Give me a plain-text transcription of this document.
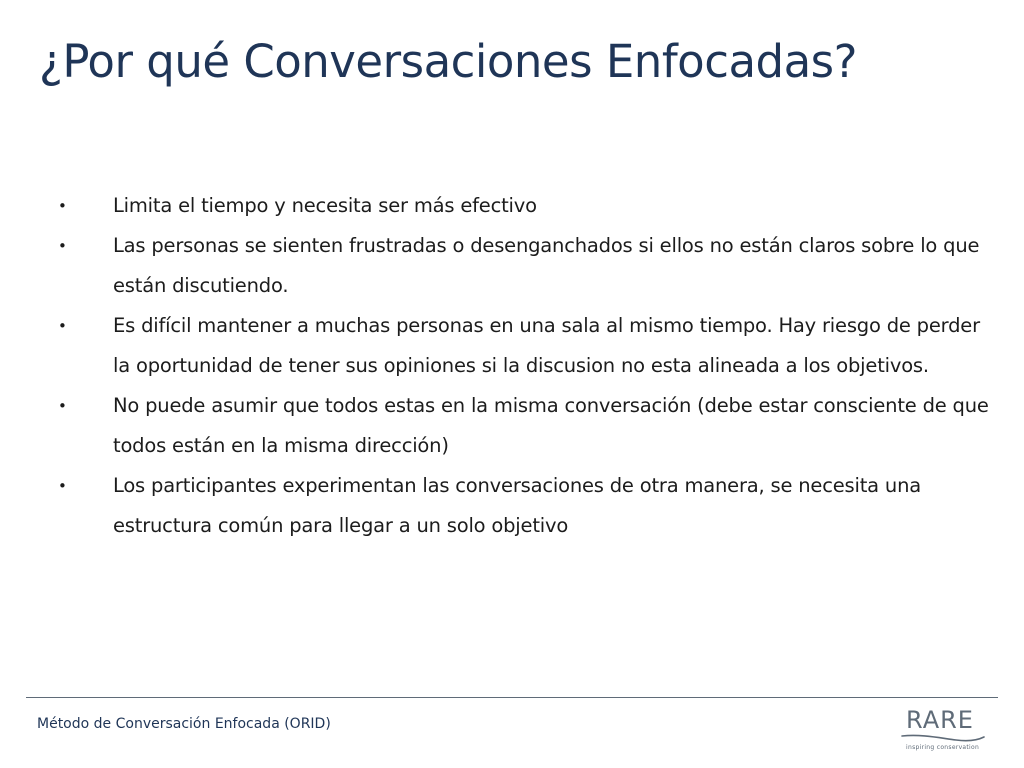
¿Por qué Conversaciones Enfocadas?
•	Limita el tiempo y necesita ser más efectivo
•	Las personas se sienten frustradas o desenganchados si ellos no están claros sobre lo que están discutiendo.
•	Es difícil mantener a muchas personas en una sala al mismo tiempo. Hay riesgo de perder la oportunidad de tener sus opiniones si la discusion no esta alineada a los objetivos.
•	No puede asumir que todos estas en la misma conversación (debe estar consciente de que todos están en la misma dirección)
•	Los participantes experimentan las conversaciones de otra manera, se necesita una estructura común para llegar a un solo objetivo
Método de Conversación Enfocada (ORID)	RARE
inspiring conservation
